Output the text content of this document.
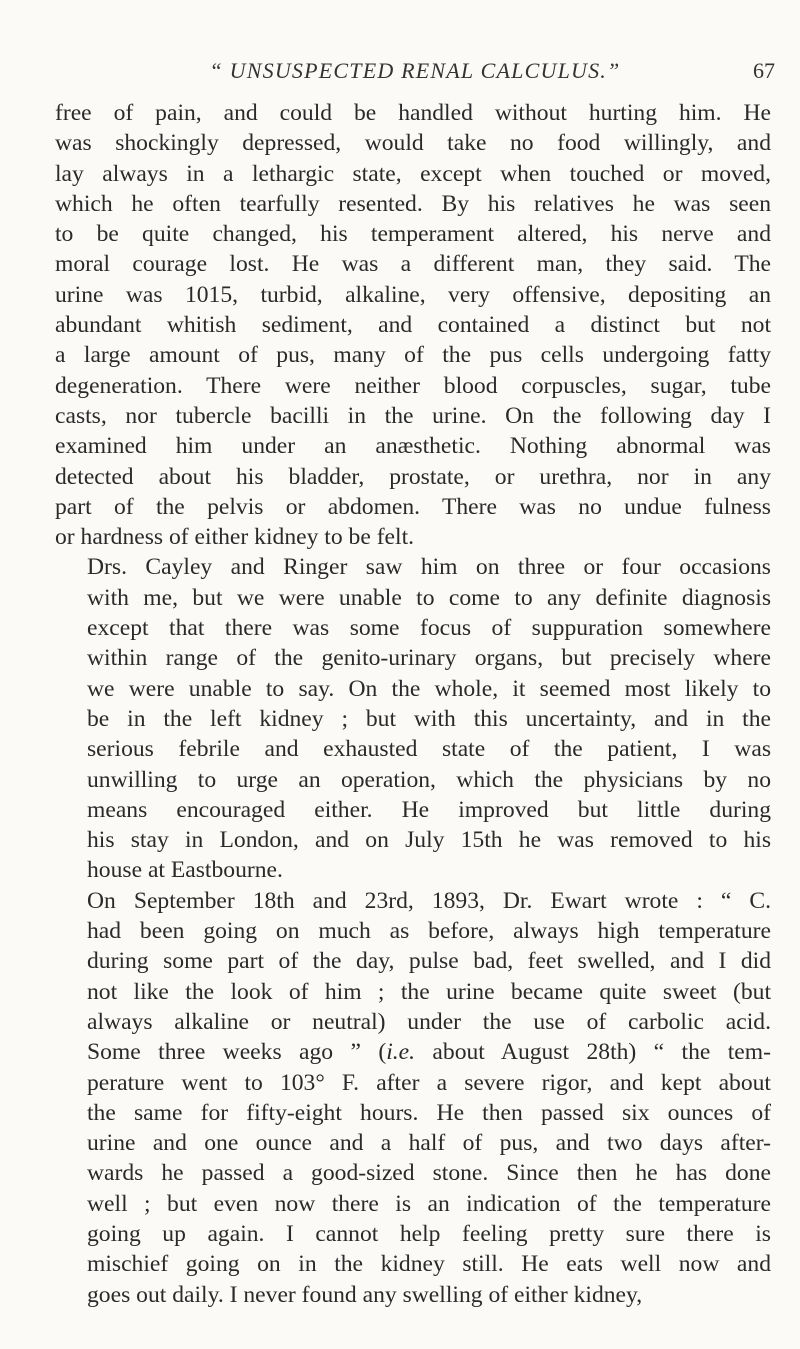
“ UNSUSPECTED RENAL CALCULUS.”	67
free of pain, and could be handled without hurting him. He
was shockingly depressed, would take no food willingly, and
lay always in a lethargic state, except when touched or moved,
which he often tearfully resented. By his relatives he was seen
to be quite changed, his temperament altered, his nerve and
moral courage lost. He was a different man, they said. The
urine was 1015, turbid, alkaline, very offensive, depositing an
abundant whitish sediment, and contained a distinct but not
a large amount of pus, many of the pus cells undergoing fatty
degeneration. There were neither blood corpuscles, sugar, tube
casts, nor tubercle bacilli in the urine. On the following day I
examined him under an anæsthetic. Nothing abnormal was
detected about his bladder, prostate, or urethra, nor in any
part of the pelvis or abdomen. There was no undue fulness
or hardness of either kidney to be felt.
Drs. Cayley and Ringer saw him on three or four occasions
with me, but we were unable to come to any definite diagnosis
except that there was some focus of suppuration somewhere
within range of the genito-urinary organs, but precisely where
we were unable to say. On the whole, it seemed most likely to
be in the left kidney ; but with this uncertainty, and in the
serious febrile and exhausted state of the patient, I was
unwilling to urge an operation, which the physicians by no
means encouraged either. He improved but little during
his stay in London, and on July 15th he was removed to his
house at Eastbourne.
On September 18th and 23rd, 1893, Dr. Ewart wrote : “ C.
had been going on much as before, always high temperature
during some part of the day, pulse bad, feet swelled, and I did
not like the look of him ; the urine became quite sweet (but
always alkaline or neutral) under the use of carbolic acid.
Some three weeks ago ” (i.e. about August 28th) “ the tem-
perature went to 103° F. after a severe rigor, and kept about
the same for fifty-eight hours. He then passed six ounces of
urine and one ounce and a half of pus, and two days after-
wards he passed a good-sized stone. Since then he has done
well ; but even now there is an indication of the temperature
going up again. I cannot help feeling pretty sure there is
mischief going on in the kidney still. He eats well now and
goes out daily. I never found any swelling of either kidney,
